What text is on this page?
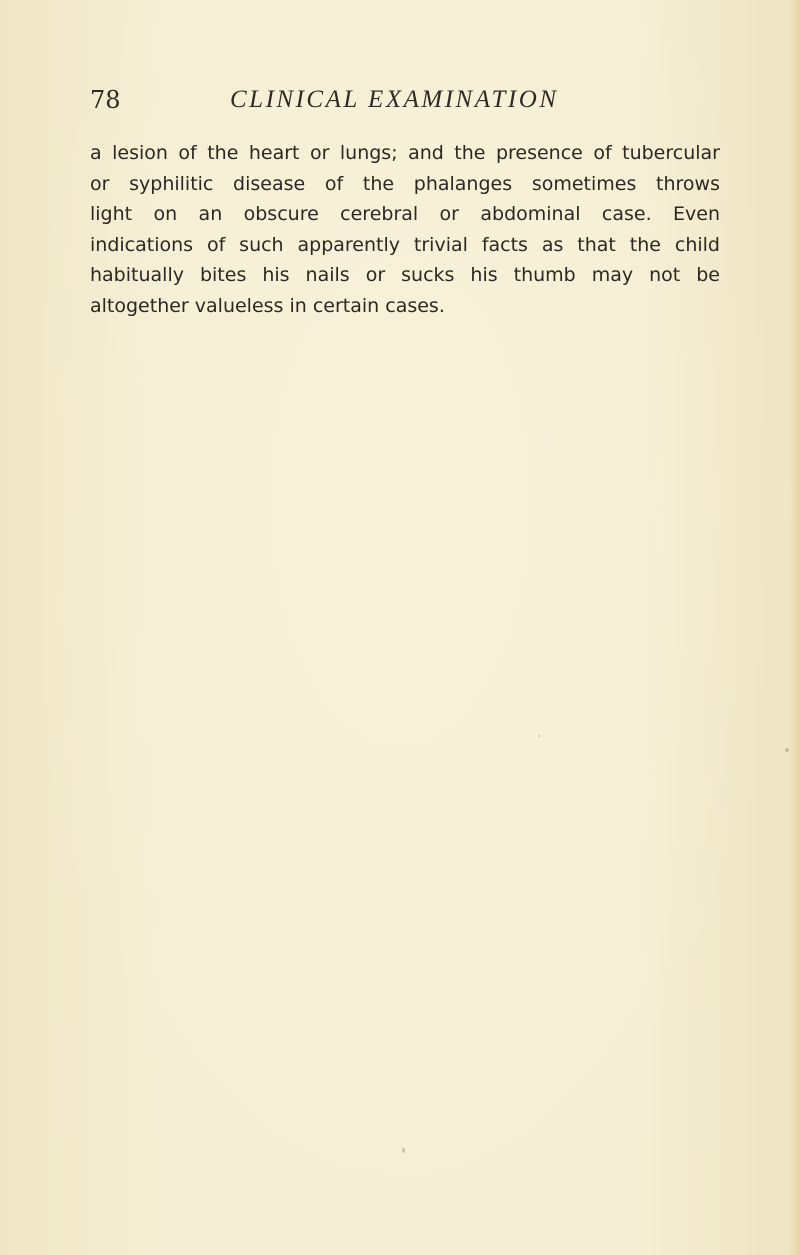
78	CLINICAL EXAMINATION
a lesion of the heart or lungs; and the presence of tubercular
or syphilitic disease of the phalanges sometimes throws
light on an obscure cerebral or abdominal case. Even
indications of such apparently trivial facts as that the child
habitually bites his nails or sucks his thumb may not be
altogether valueless in certain cases.
